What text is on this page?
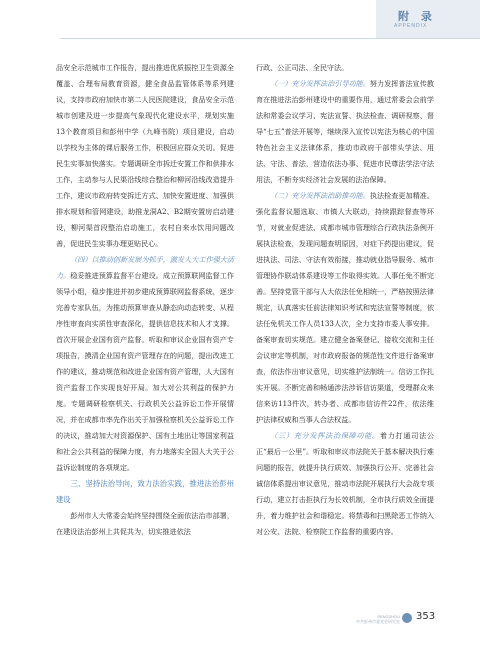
附 录
APPENDIX

品安全示范城市工作报告，提出推进优质振控卫生资源全覆盖、合理布局教育资源，健全食品监管体系等系列建议，支持市政府加快市第二人民医院建设，食品安全示范城市创建及进一步提高气象现代化建设水平，规划实施13个教育项目和彭州中学（九峰书院）项目建设，启动以学校为主体的课后服务工作，积极回应群众关切。促进民生实事加快落实。专题调研全市拆迁安置工作和供排水工作，主动参与人民渠沿线综合整治和柳河沿线改造提升工作，建议市政府转变拆迁方式、加快安置进度、加强供排水规划和管网建设，助推龙洞A2、B2期安置房启动建设，柳河渠首段整治启动施工，农村自来水饮用问题改善，促进民生实事办理更贴民心。

（四）以推动创新发展为抓手，激发人大工作强大活力。稳妥推进预算监督平台建设。成立预算联网监督工作领导小组，稳步推进并初步建成预算联网监督系统，逐步完善专家队伍，为推动预算审查从静态向动态转变、从程序性审查向实质性审查深化，提供信息技术和人才支撑。首次开展企业国有资产监督。听取和审议企业国有资产专项报告，摸清企业国有资产管理存在的问题，提出改进工作的建议，推动规范和改进企业国有资产管理，人大国有资产监督工作实现良好开局。加大对公共利益的保护力度。专题调研检察机关、行政机关公益诉讼工作开展情况，并在成都市率先作出关于加强检察机关公益诉讼工作的决议，推动加大对资源保护、国有土地出让等国家利益和社会公共利益的保障力度，有力地落实全国人大关于公益诉讼制度的各项规定。

三、坚持法治导向，致力法治实践，推进法治彭州建设

彭州市人大常委会始终坚持围绕全面依法治市部署，在建设法治彭州上共促共为，切实推进依法

行政、公正司法、全民守法。

（一）充分发挥法治引导功能。努力发挥普法宣传教育在推进法治彭州建设中的重要作用，通过常委会会前学法和常委会议学习、宪法宣誓、执法检查、调研视察、督导“七五”普法开展等，继续深入宣传以宪法为核心的中国特色社会主义法律体系，推动市政府干部带头学法、用法、守法、普法，营造依法办事、促进市民尊法学法守法用法，不断夯实经济社会发展的法治保障。

（二）充分发挥法治助推功能。执法检查更加精准。强化监督议题选取、市镇人大联动，持续跟踪督查等环节，对就业促进法、成都市城市管理综合行政执法条例开展执法检查，发现问题查明原因，对症下药提出建议，促进执法、司法、守法有效衔接，推动就业指导服务、城市管理协作联动体系建设等工作取得实效。人事任免不断完善。坚持党管干部与人大依法任免相统一，严格按照法律规定，认真落实任前法律知识考试和宪法宣誓等制度，依法任免机关工作人员133人次，全力支持市委人事安排。备案审查切实规范。建立健全备案登记、接收交流和主任会议审定等机制，对市政府报备的规范性文件进行备案审查，依法作出审议意见，切实维护法制统一。信访工作扎实开展。不断完善和畅通涉法涉诉信访渠道，受理群众来信来访113件次，转办者、成都市信访件22件，依法维护法律权威和当事人合法权益。

（三）充分发挥法治保障功能。着力打通司法公正“最后一公里”。听取和审议市法院关于基本解决执行难问题的报告，就提升执行质效、加强执行公开、完善社会诚信体系提出审议意见，推动市法院开展执行大会战专项行动，建立打击拒执行为长效机制，全市执行质效全面提升，着力维护社会和谐稳定。将禁毒和扫黑除恶工作纳入对公安、法院、检察院工作监督的重要内容。

PENGZHOU
中共彭州市委党史研究室 353
